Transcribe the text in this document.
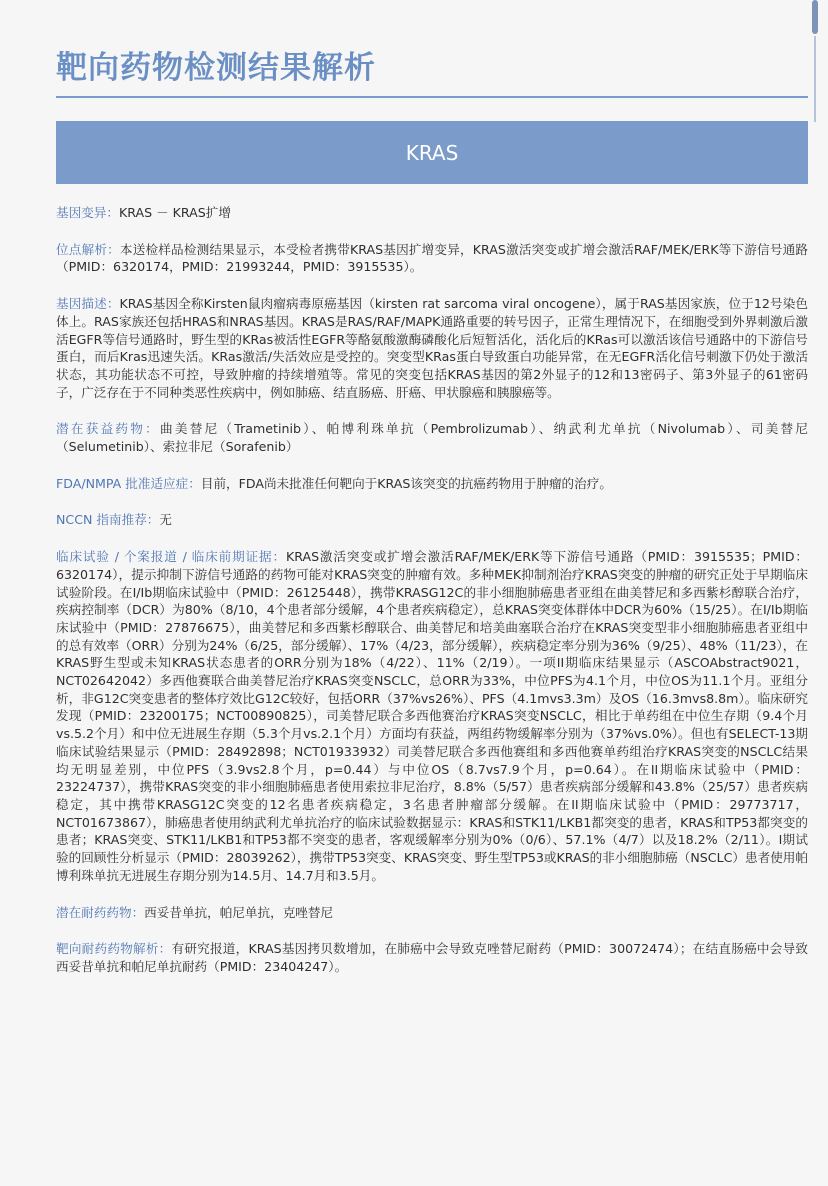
靶向药物检测结果解析
KRAS

基因变异：KRAS － KRAS扩增

位点解析：本送检样品检测结果显示，本受检者携带KRAS基因扩增变异，KRAS激活突变或扩增会激活RAF/MEK/ERK等下游信号通路（PMID：6320174，PMID：21993244，PMID：3915535）。

基因描述：KRAS基因全称Kirsten鼠肉瘤病毒原癌基因（kirsten rat sarcoma viral oncogene），属于RAS基因家族，位于12号染色体上。RAS家族还包括HRAS和NRAS基因。KRAS是RAS/RAF/MAPK通路重要的转号因子，正常生理情况下，在细胞受到外界刺激后激活EGFR等信号通路时，野生型的KRas被活性EGFR等酪氨酸激酶磷酸化后短暂活化，活化后的KRas可以激活该信号通路中的下游信号蛋白，而后Kras迅速失活。KRas激活/失活效应是受控的。突变型KRas蛋白导致蛋白功能异常，在无EGFR活化信号刺激下仍处于激活状态，其功能状态不可控，导致肿瘤的持续增殖等。常见的突变包括KRAS基因的第2外显子的12和13密码子、第3外显子的61密码子，广泛存在于不同种类恶性疾病中，例如肺癌、结直肠癌、肝癌、甲状腺癌和胰腺癌等。

潜在获益药物：曲美替尼（Trametinib）、帕博利珠单抗（Pembrolizumab）、纳武利尤单抗（Nivolumab）、司美替尼（Selumetinib）、索拉非尼（Sorafenib）

FDA/NMPA 批准适应症：目前，FDA尚未批准任何靶向于KRAS该突变的抗癌药物用于肿瘤的治疗。

NCCN 指南推荐：无

临床试验 / 个案报道 / 临床前期证据：KRAS激活突变或扩增会激活RAF/MEK/ERK等下游信号通路（PMID：3915535；PMID：6320174），提示抑制下游信号通路的药物可能对KRAS突变的肿瘤有效。多种MEK抑制剂治疗KRAS突变的肿瘤的研究正处于早期临床试验阶段。在I/Ib期临床试验中（PMID：26125448），携带KRASG12C的非小细胞肺癌患者亚组在曲美替尼和多西紫杉醇联合治疗，疾病控制率（DCR）为80%（8/10，4个患者部分缓解，4个患者疾病稳定），总KRAS突变体群体中DCR为60%（15/25）。在I/Ib期临床试验中（PMID：27876675），曲美替尼和多西紫杉醇联合、曲美替尼和培美曲塞联合治疗在KRAS突变型非小细胞肺癌患者亚组中的总有效率（ORR）分别为24%（6/25，部分缓解）、17%（4/23，部分缓解），疾病稳定率分别为36%（9/25）、48%（11/23），在KRAS野生型或未知KRAS状态患者的ORR分别为18%（4/22）、11%（2/19）。一项II期临床结果显示（ASCOAbstract9021，NCT02642042）多西他赛联合曲美替尼治疗KRAS突变NSCLC，总ORR为33%，中位PFS为4.1个月，中位OS为11.1个月。亚组分析，非G12C突变患者的整体疗效比G12C较好，包括ORR（37%vs26%）、PFS（4.1mvs3.3m）及OS（16.3mvs8.8m）。临床研究发现（PMID：23200175；NCT00890825），司美替尼联合多西他赛治疗KRAS突变NSCLC，相比于单药组在中位生存期（9.4个月vs.5.2个月）和中位无进展生存期（5.3个月vs.2.1个月）方面均有获益，两组药物缓解率分别为（37%vs.0%）。但也有SELECT-13期临床试验结果显示（PMID：28492898；NCT01933932）司美替尼联合多西他赛组和多西他赛单药组治疗KRAS突变的NSCLC结果均无明显差别，中位PFS（3.9vs2.8个月，p=0.44）与中位OS（8.7vs7.9个月，p=0.64）。在II期临床试验中（PMID：23224737），携带KRAS突变的非小细胞肺癌患者使用索拉非尼治疗，8.8%（5/57）患者疾病部分缓解和43.8%（25/57）患者疾病稳定，其中携带KRASG12C突变的12名患者疾病稳定，3名患者肿瘤部分缓解。在II期临床试验中（PMID：29773717，NCT01673867），肺癌患者使用纳武利尤单抗治疗的临床试验数据显示：KRAS和STK11/LKB1都突变的患者，KRAS和TP53都突变的患者；KRAS突变、STK11/LKB1和TP53都不突变的患者，客观缓解率分别为0%（0/6）、57.1%（4/7）以及18.2%（2/11）。I期试验的回顾性分析显示（PMID：28039262），携带TP53突变、KRAS突变、野生型TP53或KRAS的非小细胞肺癌（NSCLC）患者使用帕博利珠单抗无进展生存期分别为14.5月、14.7月和3.5月。

潜在耐药药物：西妥昔单抗，帕尼单抗，克唑替尼

靶向耐药药物解析：有研究报道，KRAS基因拷贝数增加，在肺癌中会导致克唑替尼耐药（PMID：30072474）；在结直肠癌中会导致西妥昔单抗和帕尼单抗耐药（PMID：23404247）。
